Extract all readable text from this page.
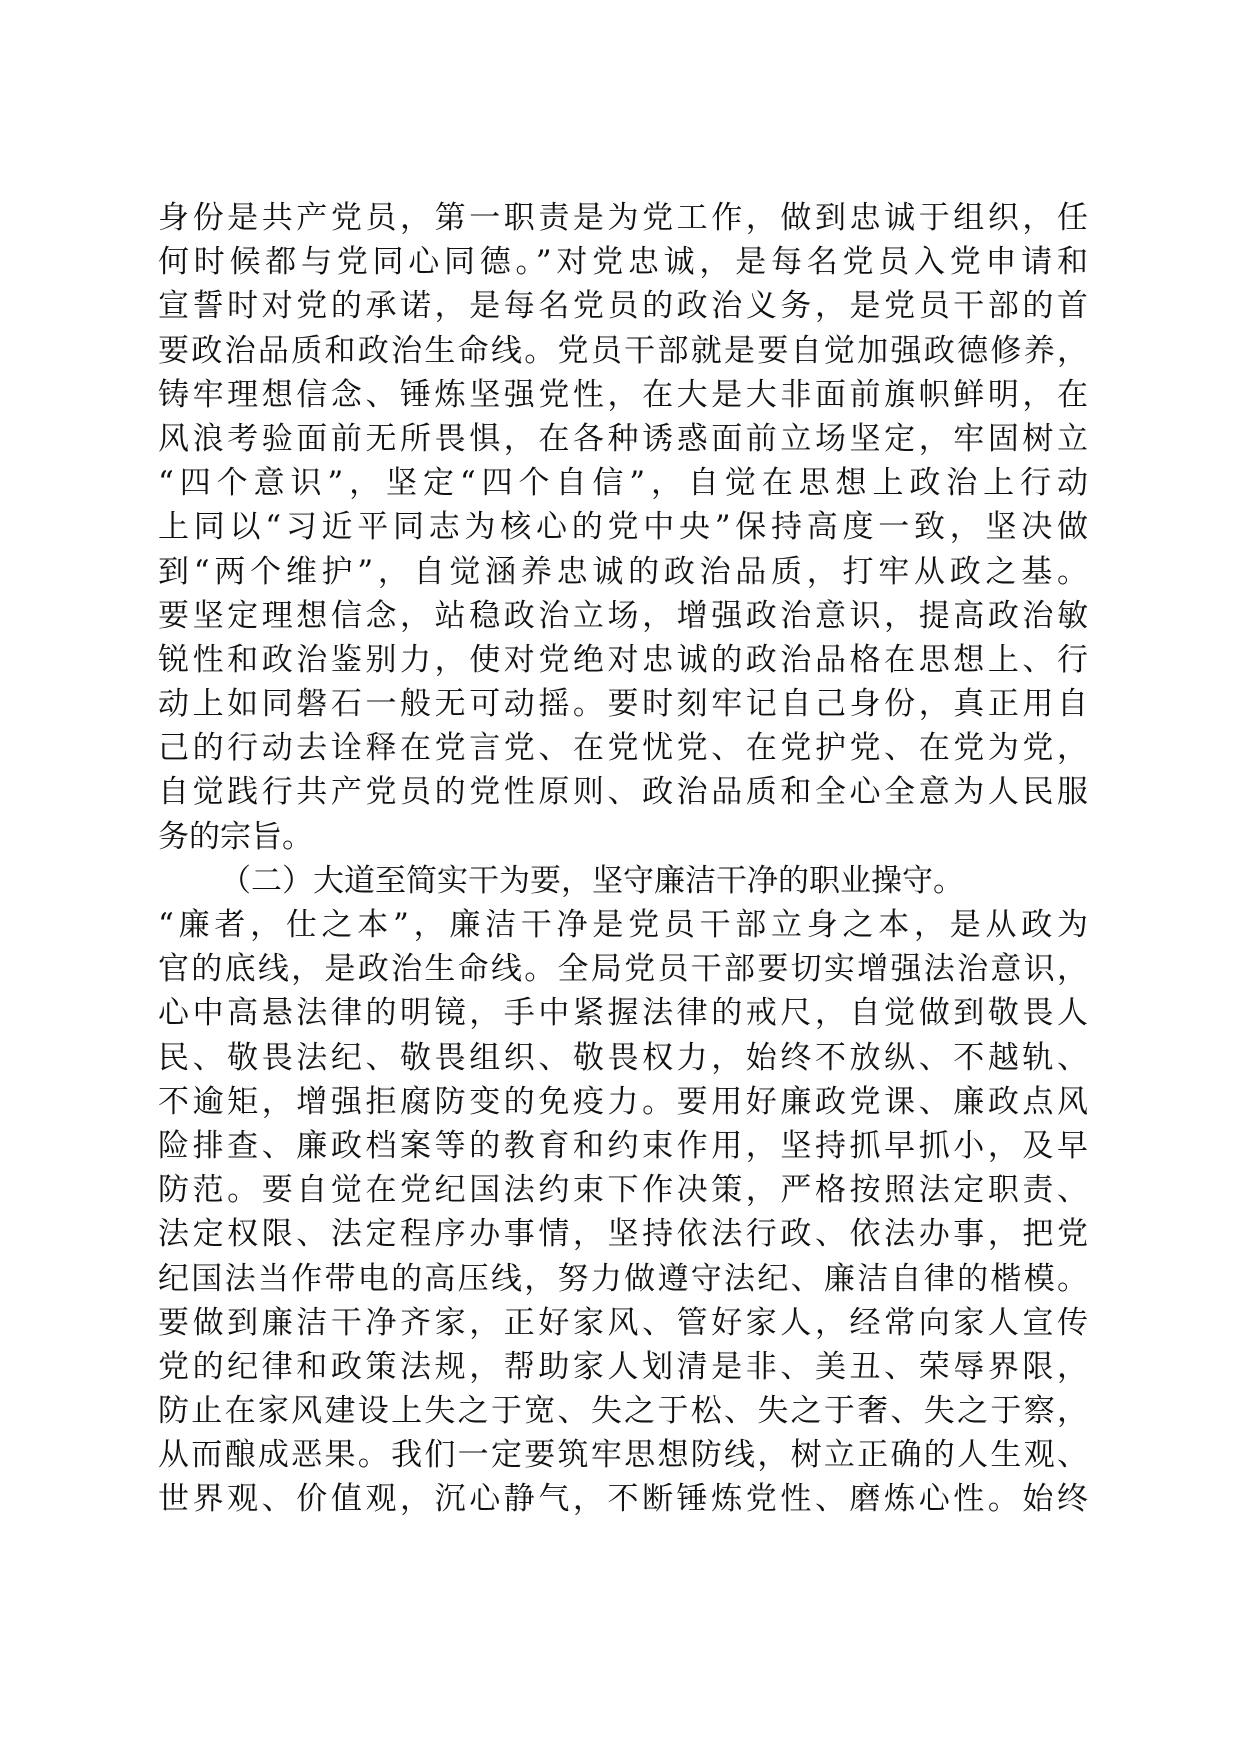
身份是共产党员，第一职责是为党工作，做到忠诚于组织，任
何时候都与党同心同德。”对党忠诚，是每名党员入党申请和
宣誓时对党的承诺，是每名党员的政治义务，是党员干部的首
要政治品质和政治生命线。党员干部就是要自觉加强政德修养，
铸牢理想信念、锤炼坚强党性，在大是大非面前旗帜鲜明，在
风浪考验面前无所畏惧，在各种诱惑面前立场坚定，牢固树立
“四个意识”，坚定“四个自信”，自觉在思想上政治上行动
上同以“习近平同志为核心的党中央”保持高度一致，坚决做
到“两个维护”，自觉涵养忠诚的政治品质，打牢从政之基。
要坚定理想信念，站稳政治立场，增强政治意识，提高政治敏
锐性和政治鉴别力，使对党绝对忠诚的政治品格在思想上、行
动上如同磐石一般无可动摇。要时刻牢记自己身份，真正用自
己的行动去诠释在党言党、在党忧党、在党护党、在党为党，
自觉践行共产党员的党性原则、政治品质和全心全意为人民服
务的宗旨。
（二）大道至简实干为要，坚守廉洁干净的职业操守。
“廉者，仕之本”，廉洁干净是党员干部立身之本，是从政为
官的底线，是政治生命线。全局党员干部要切实增强法治意识，
心中高悬法律的明镜，手中紧握法律的戒尺，自觉做到敬畏人
民、敬畏法纪、敬畏组织、敬畏权力，始终不放纵、不越轨、
不逾矩，增强拒腐防变的免疫力。要用好廉政党课、廉政点风
险排查、廉政档案等的教育和约束作用，坚持抓早抓小，及早
防范。要自觉在党纪国法约束下作决策，严格按照法定职责、
法定权限、法定程序办事情，坚持依法行政、依法办事，把党
纪国法当作带电的高压线，努力做遵守法纪、廉洁自律的楷模。
要做到廉洁干净齐家，正好家风、管好家人，经常向家人宣传
党的纪律和政策法规，帮助家人划清是非、美丑、荣辱界限，
防止在家风建设上失之于宽、失之于松、失之于奢、失之于察，
从而酿成恶果。我们一定要筑牢思想防线，树立正确的人生观、
世界观、价值观，沉心静气，不断锤炼党性、磨炼心性。始终
